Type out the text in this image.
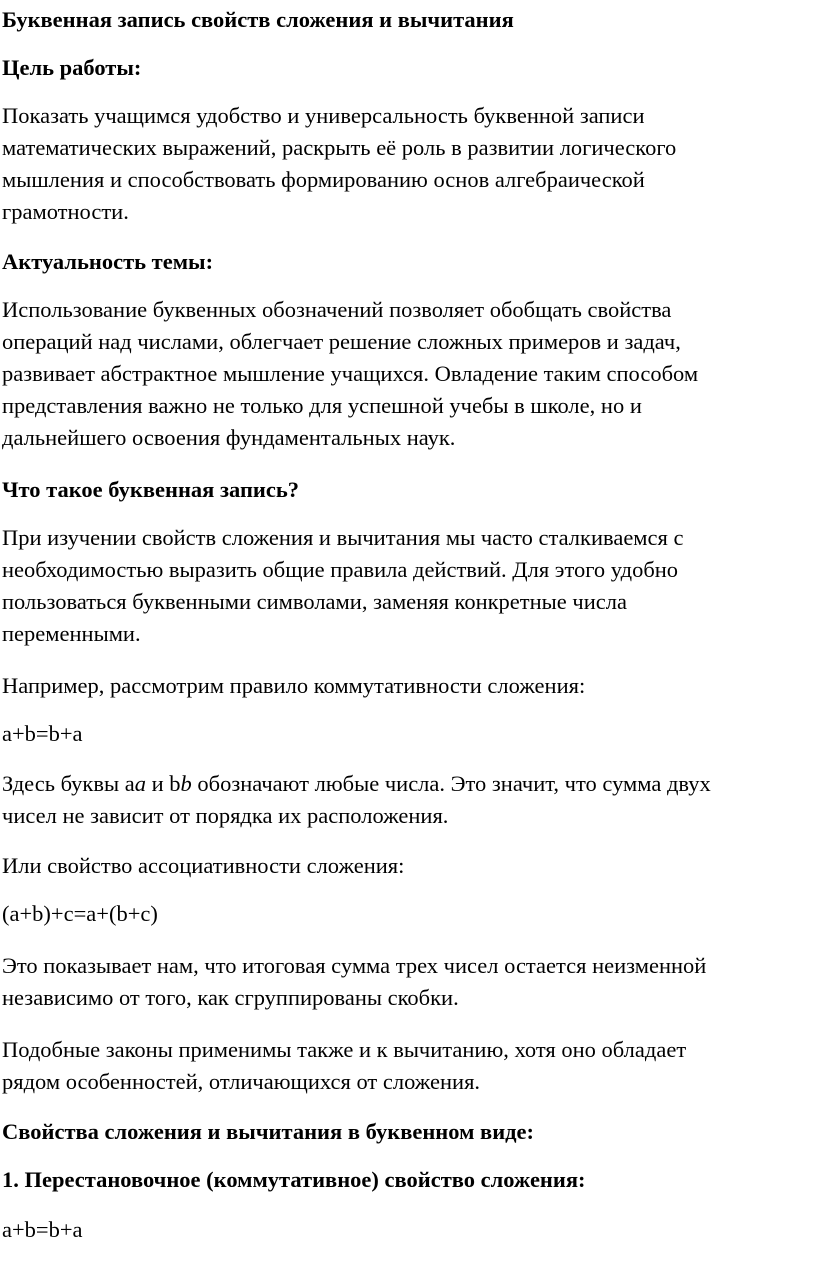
Буквенная запись свойств сложения и вычитания
Цель работы:
Показать учащимся удобство и универсальность буквенной записи
математических выражений, раскрыть её роль в развитии логического
мышления и способствовать формированию основ алгебраической
грамотности.
Актуальность темы:
Использование буквенных обозначений позволяет обобщать свойства
операций над числами, облегчает решение сложных примеров и задач,
развивает абстрактное мышление учащихся. Овладение таким способом
представления важно не только для успешной учебы в школе, но и
дальнейшего освоения фундаментальных наук.
Что такое буквенная запись?
При изучении свойств сложения и вычитания мы часто сталкиваемся с
необходимостью выразить общие правила действий. Для этого удобно
пользоваться буквенными символами, заменяя конкретные числа
переменными.
Например, рассмотрим правило коммутативности сложения:
a+b=b+a
Здесь буквы aa и bb обозначают любые числа. Это значит, что сумма двух
чисел не зависит от порядка их расположения.
Или свойство ассоциативности сложения:
(a+b)+c=a+(b+c)
Это показывает нам, что итоговая сумма трех чисел остается неизменной
независимо от того, как сгруппированы скобки.
Подобные законы применимы также и к вычитанию, хотя оно обладает
рядом особенностей, отличающихся от сложения.
Свойства сложения и вычитания в буквенном виде:
1. Перестановочное (коммутативное) свойство сложения:
a+b=b+a
